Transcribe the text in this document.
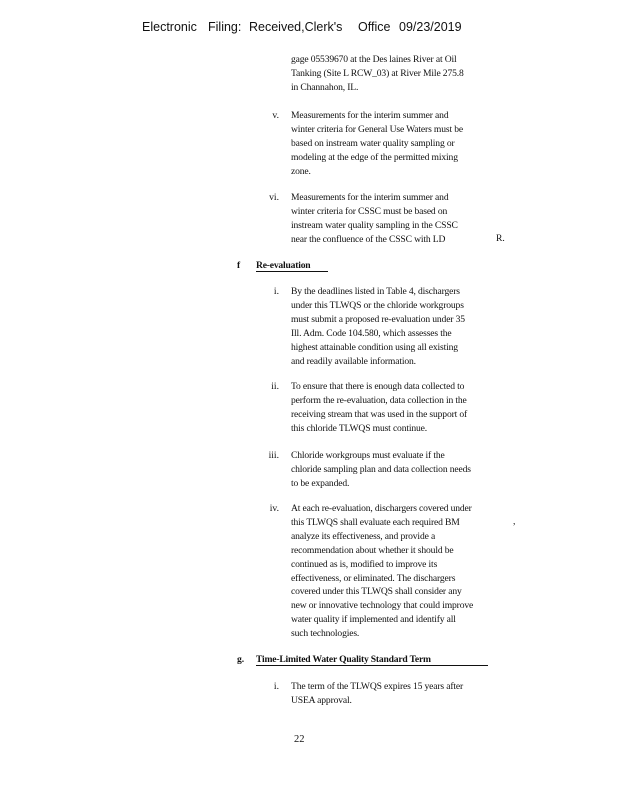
Electronic Filing: Received,Clerk's Office 09/23/2019
gage 05539670 at the Des laines River at Oil
Tanking (Site L RCW_03) at River Mile 275.8
in Channahon, IL.
v. Measurements for the interim summer and
winter criteria for General Use Waters must be
based on instream water quality sampling or
modeling at the edge of the permitted mixing
zone.
vi. Measurements for the interim summer and
winter criteria for CSSC must be based on
instream water quality sampling in the CSSC
near the confluence of the CSSC with LD	R.
f Re-evaluation
i. By the deadlines listed in Table 4, dischargers
under this TLWQS or the chloride workgroups
must submit a proposed re-evaluation under 35
Ill. Adm. Code 104.580, which assesses the
highest attainable condition using all existing
and readily available information.
ii. To ensure that there is enough data collected to
perform the re-evaluation, data collection in the
receiving stream that was used in the support of
this chloride TLWQS must continue.
iii. Chloride workgroups must evaluate if the
chloride sampling plan and data collection needs
to be expanded.
iv. At each re-evaluation, dischargers covered under
this TLWQS shall evaluate each required BM
analyze its effectiveness, and provide a
recommendation about whether it should be
continued as is, modified to improve its
effectiveness, or eliminated. The dischargers
covered under this TLWQS shall consider any
new or innovative technology that could improve
water quality if implemented and identify all
such technologies.
,
g. Time-Limited Water Quality Standard Term
i. The term of the TLWQS expires 15 years after
USEA approval.
22
